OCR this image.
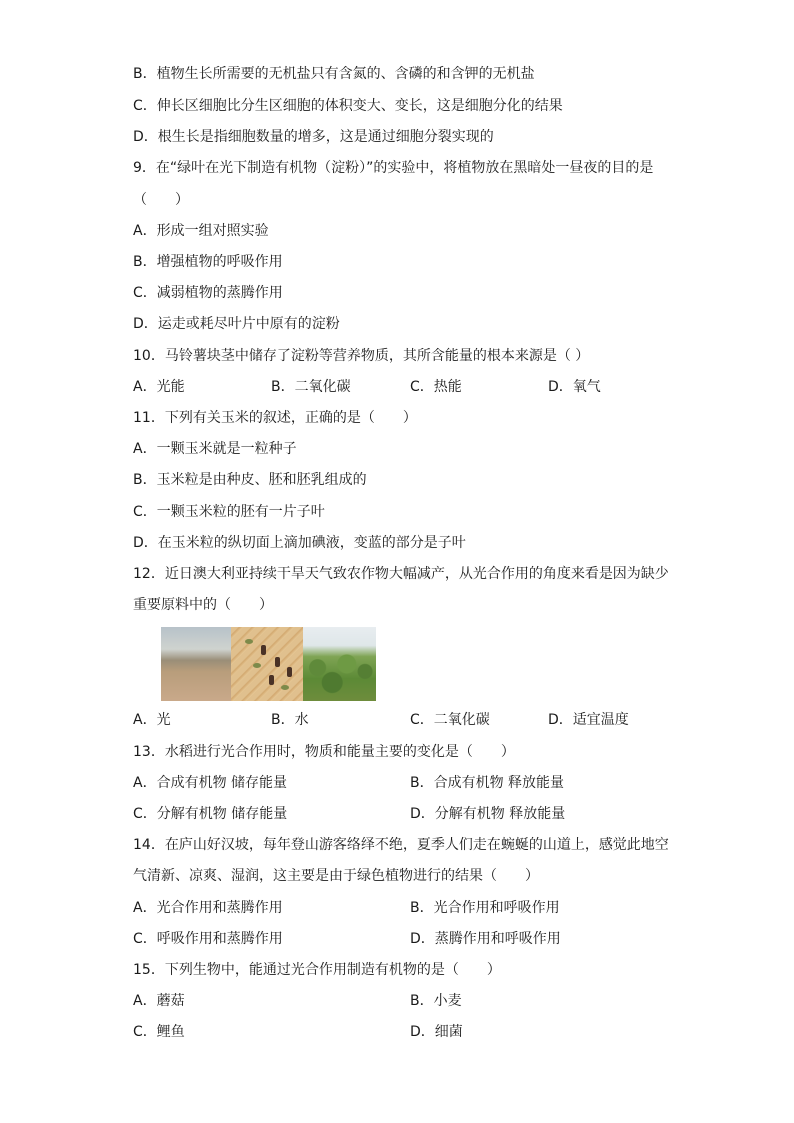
B．植物生长所需要的无机盐只有含氮的、含磷的和含钾的无机盐
C．伸长区细胞比分生区细胞的体积变大、变长，这是细胞分化的结果
D．根生长是指细胞数量的增多，这是通过细胞分裂实现的
9．在“绿叶在光下制造有机物（淀粉）”的实验中，将植物放在黑暗处一昼夜的目的是
（　　）
A．形成一组对照实验
B．增强植物的呼吸作用
C．减弱植物的蒸腾作用
D．运走或耗尽叶片中原有的淀粉
10．马铃薯块茎中储存了淀粉等营养物质，其所含能量的根本来源是（ ）
A．光能	B．二氧化碳	C．热能	D．氧气
11．下列有关玉米的叙述，正确的是（　　）
A．一颗玉米就是一粒种子
B．玉米粒是由种皮、胚和胚乳组成的
C．一颗玉米粒的胚有一片子叶
D．在玉米粒的纵切面上滴加碘液，变蓝的部分是子叶
12．近日澳大利亚持续干旱天气致农作物大幅减产，从光合作用的角度来看是因为缺少
重要原料中的（　　）
A．光	B．水	C．二氧化碳	D．适宜温度
13．水稻进行光合作用时，物质和能量主要的变化是（　　）
A．合成有机物 储存能量	B．合成有机物 释放能量
C．分解有机物 储存能量	D．分解有机物 释放能量
14．在庐山好汉坡，每年登山游客络绎不绝，夏季人们走在蜿蜒的山道上，感觉此地空
气清新、凉爽、湿润，这主要是由于绿色植物进行的结果（　　）
A．光合作用和蒸腾作用	B．光合作用和呼吸作用
C．呼吸作用和蒸腾作用	D．蒸腾作用和呼吸作用
15．下列生物中，能通过光合作用制造有机物的是（　　）
A．蘑菇	B．小麦
C．鲤鱼	D．细菌
